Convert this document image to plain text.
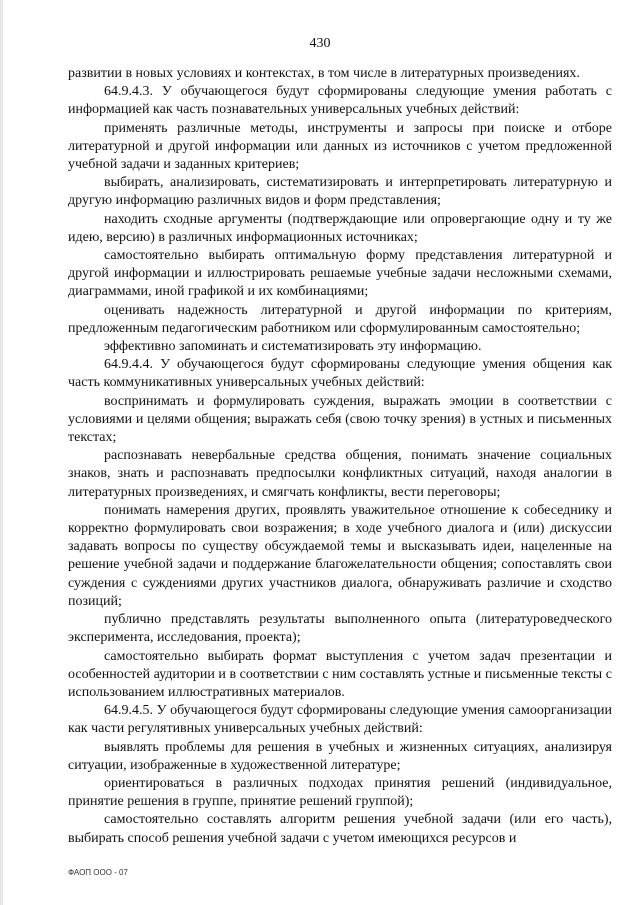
430

развитии в новых условиях и контекстах, в том числе в литературных произведениях.

64.9.4.3. У обучающегося будут сформированы следующие умения работать с информацией как часть познавательных универсальных учебных действий:

применять различные методы, инструменты и запросы при поиске и отборе литературной и другой информации или данных из источников с учетом предложенной учебной задачи и заданных критериев;

выбирать, анализировать, систематизировать и интерпретировать литературную и другую информацию различных видов и форм представления;

находить сходные аргументы (подтверждающие или опровергающие одну и ту же идею, версию) в различных информационных источниках;

самостоятельно выбирать оптимальную форму представления литературной и другой информации и иллюстрировать решаемые учебные задачи несложными схемами, диаграммами, иной графикой и их комбинациями;

оценивать надежность литературной и другой информации по критериям, предложенным педагогическим работником или сформулированным самостоятельно;

эффективно запоминать и систематизировать эту информацию.

64.9.4.4. У обучающегося будут сформированы следующие умения общения как часть коммуникативных универсальных учебных действий:

воспринимать и формулировать суждения, выражать эмоции в соответствии с условиями и целями общения; выражать себя (свою точку зрения) в устных и письменных текстах;

распознавать невербальные средства общения, понимать значение социальных знаков, знать и распознавать предпосылки конфликтных ситуаций, находя аналогии в литературных произведениях, и смягчать конфликты, вести переговоры;

понимать намерения других, проявлять уважительное отношение к собеседнику и корректно формулировать свои возражения; в ходе учебного диалога и (или) дискуссии задавать вопросы по существу обсуждаемой темы и высказывать идеи, нацеленные на решение учебной задачи и поддержание благожелательности общения; сопоставлять свои суждения с суждениями других участников диалога, обнаруживать различие и сходство позиций;

публично представлять результаты выполненного опыта (литературоведческого эксперимента, исследования, проекта);

самостоятельно выбирать формат выступления с учетом задач презентации и особенностей аудитории и в соответствии с ним составлять устные и письменные тексты с использованием иллюстративных материалов.

64.9.4.5. У обучающегося будут сформированы следующие умения самоорганизации как части регулятивных универсальных учебных действий:

выявлять проблемы для решения в учебных и жизненных ситуациях, анализируя ситуации, изображенные в художественной литературе;

ориентироваться в различных подходах принятия решений (индивидуальное, принятие решения в группе, принятие решений группой);

самостоятельно составлять алгоритм решения учебной задачи (или его часть), выбирать способ решения учебной задачи с учетом имеющихся ресурсов и

ФАОП ООО - 07
